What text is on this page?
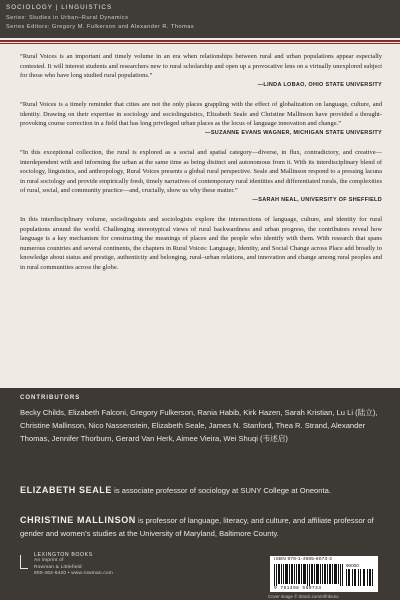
SOCIOLOGY | LINGUISTICS
Series: Studies in Urban–Rural Dynamics
Series Editors: Gregory M. Fulkerson and Alexander R. Thomas

“Rural Voices is an important and timely volume in an era when relationships between rural and urban populations appear especially contested. It will interest students and researchers new to rural scholarship and open up a provocative lens on a virtually unexplored subject for those who have long studied rural populations.”

—LINDA LOBAO, OHIO STATE UNIVERSITY

“Rural Voices is a timely reminder that cities are not the only places grappling with the effect of globalization on language, culture, and identity. Drawing on their expertise in sociology and sociolinguistics, Elizabeth Seale and Christine Mallinson have provided a thought-provoking course correction in a field that has long privileged urban places as the locus of language innovation and change.”

—SUZANNE EVANS WAGNER, MICHIGAN STATE UNIVERSITY

“In this exceptional collection, the rural is explored as a social and spatial category—diverse, in flux, contradictory, and creative—interdependent with and informing the urban at the same time as being distinct and autonomous from it. With its interdisciplinary blend of sociology, linguistics, and anthropology, Rural Voices presents a global rural perspective. Seale and Mallinson respond to a pressing lacuna in rural sociology and provide empirically fresh, timely narratives of contemporary rural identities and differentiated rurals, the complexities of rural, social, and community practice—and, crucially, show us why these matter.”

—SARAH NEAL, UNIVERSITY OF SHEFFIELD

In this interdisciplinary volume, sociolinguists and sociologists explore the intersections of language, culture, and identity for rural populations around the world. Challenging stereotypical views of rural backwardness and urban progress, the contributors reveal how language is a key mechanism for constructing the meanings of places and the people who identify with them. With research that spans numerous countries and several continents, the chapters in Rural Voices: Language, Identity, and Social Change across Place add broadly to knowledge about status and prestige, authenticity and belonging, rural–urban relations, and innovation and change among rural peoples and in rural communities across the globe.

CONTRIBUTORS
Becky Childs, Elizabeth Falconi, Gregory Fulkerson, Rania Habib, Kirk Hazen, Sarah Kristian, Lu Li (陆立), Christine Mallinson, Nico Nassenstein, Elizabeth Seale, James N. Stanford, Thea R. Strand, Alexander Thomas, Jennifer Thorburn, Gerard Van Herk, Aimee Vieira, Wei Shuqi (韦述启)
ELIZABETH SEALE is associate professor of sociology at SUNY College at Oneonta.
CHRISTINE MALLINSON is professor of language, literacy, and culture, and affiliate professor of gender and women’s studies at the University of Maryland, Baltimore County.
LEXINGTON BOOKS
An imprint of
Rowman & Littlefield
800-462-6420 • www.rowman.com
ISBN 978-1-4985-6073-3
90000
9 781498 560733
Cover image © iStock.com/Alfribeiro
